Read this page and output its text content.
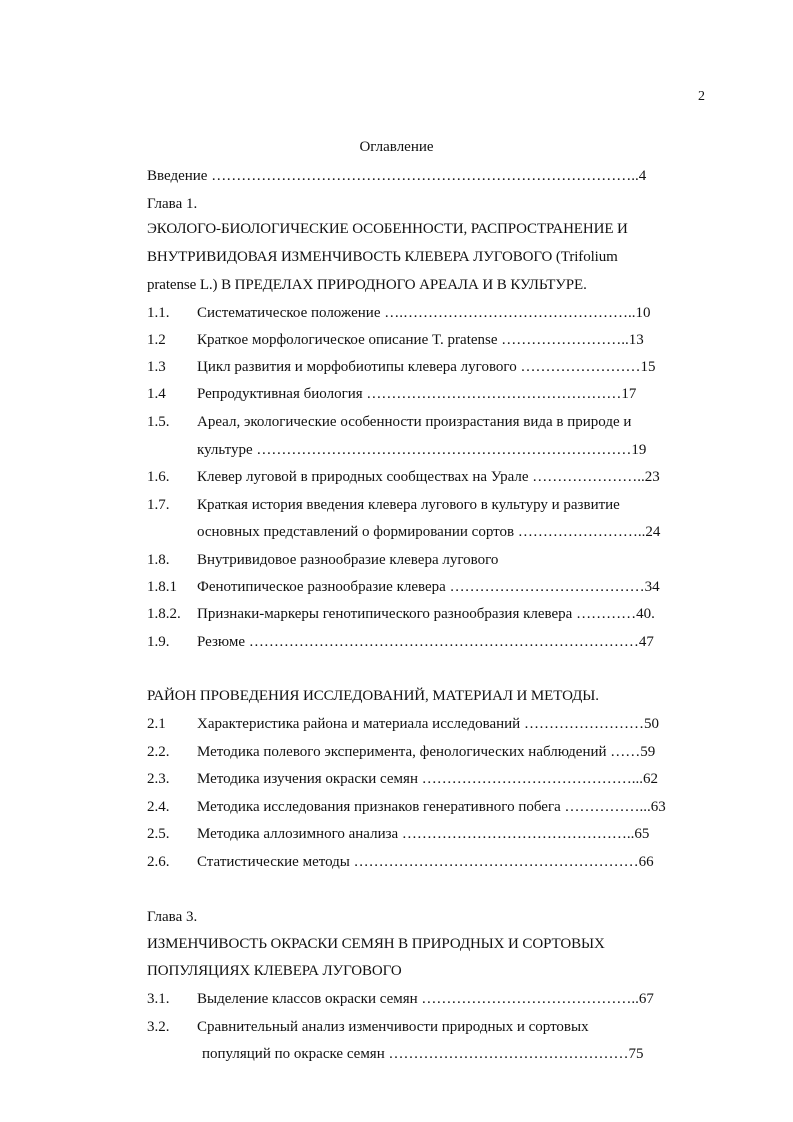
2
Оглавление
Введение …………………………………………………………………………..4
Глава 1.
ЭКОЛОГО-БИОЛОГИЧЕСКИЕ ОСОБЕННОСТИ, РАСПРОСТРАНЕНИЕ И
ВНУТРИВИДОВАЯ ИЗМЕНЧИВОСТЬ КЛЕВЕРА ЛУГОВОГО (Trifolium
pratense L.) В ПРЕДЕЛАХ ПРИРОДНОГО АРЕАЛА И В КУЛЬТУРЕ.
1.1. Систематическое положение ….………………………………………..10
1.2 Краткое морфологическое описание T. pratense ……………………..13
1.3 Цикл развития и морфобиотипы клевера лугового ……………………15
1.4 Репродуктивная биология ……………………………………………17
1.5. Ареал, экологические особенности произрастания вида в природе и
культуре …………………………………………………………………19
1.6. Клевер луговой в природных сообществах на Урале …………………..23
1.7. Краткая история введения клевера лугового в культуру и развитие
основных представлений о формировании сортов ……………………..24
1.8. Внутривидовое разнообразие клевера лугового
1.8.1 Фенотипическое разнообразие клевера …………………………………34
1.8.2. Признаки-маркеры генотипического разнообразия клевера …………40.
1.9. Резюме ……………………………………………………………………47
РАЙОН ПРОВЕДЕНИЯ ИССЛЕДОВАНИЙ, МАТЕРИАЛ И МЕТОДЫ.
2.1 Характеристика района и материала исследований ……………………50
2.2. Методика полевого эксперимента, фенологических наблюдений ……59
2.3. Методика изучения окраски семян ……………………………………...62
2.4. Методика исследования признаков генеративного побега ……………...63
2.5. Методика аллозимного анализа ………………………………………..65
2.6. Статистические методы …………………………………………………66
Глава 3.
ИЗМЕНЧИВОСТЬ ОКРАСКИ СЕМЯН В ПРИРОДНЫХ И СОРТОВЫХ
ПОПУЛЯЦИЯХ КЛЕВЕРА ЛУГОВОГО
3.1. Выделение классов окраски семян ……………………………………..67
3.2. Сравнительный анализ изменчивости природных и сортовых
популяций по окраске семян …………………………………………75
